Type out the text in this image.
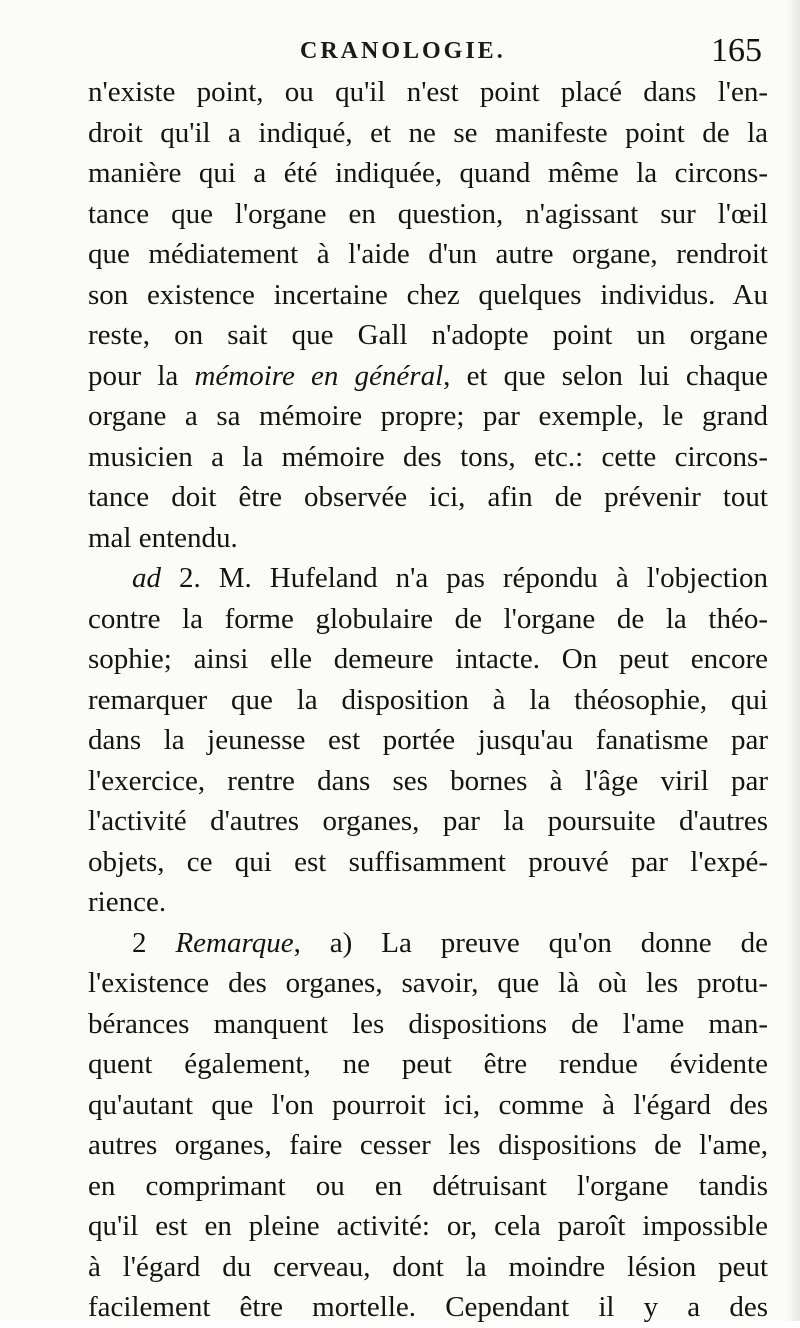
CRANOLOGIE.	165
n'existe point, ou qu'il n'est point placé dans l'en-
droit qu'il a indiqué, et ne se manifeste point de la
manière qui a été indiquée, quand même la circons-
tance que l'organe en question, n'agissant sur l'œil
que médiatement à l'aide d'un autre organe, rendroit
son existence incertaine chez quelques individus. Au
reste, on sait que Gall n'adopte point un organe
pour la mémoire en général, et que selon lui chaque
organe a sa mémoire propre; par exemple, le grand
musicien a la mémoire des tons, etc.: cette circons-
tance doit être observée ici, afin de prévenir tout
mal entendu.
ad 2. M. Hufeland n'a pas répondu à l'objection
contre la forme globulaire de l'organe de la théo-
sophie; ainsi elle demeure intacte. On peut encore
remarquer que la disposition à la théosophie, qui
dans la jeunesse est portée jusqu'au fanatisme par
l'exercice, rentre dans ses bornes à l'âge viril par
l'activité d'autres organes, par la poursuite d'autres
objets, ce qui est suffisamment prouvé par l'expé-
rience.
2 Remarque, a) La preuve qu'on donne de
l'existence des organes, savoir, que là où les protu-
bérances manquent les dispositions de l'ame man-
quent également, ne peut être rendue évidente
qu'autant que l'on pourroit ici, comme à l'égard des
autres organes, faire cesser les dispositions de l'ame,
en comprimant ou en détruisant l'organe tandis
qu'il est en pleine activité: or, cela paroît impossible
à l'égard du cerveau, dont la moindre lésion peut
facilement être mortelle. Cependant il y a des
